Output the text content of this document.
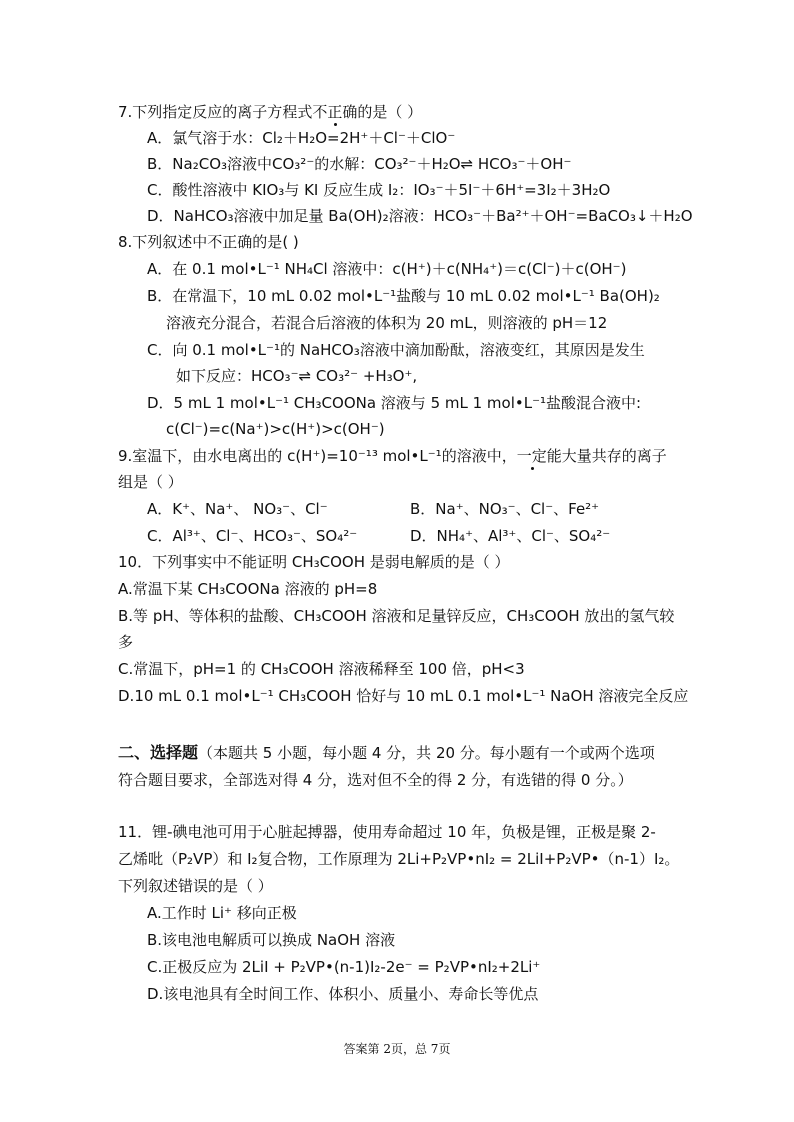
7.下列指定反应的离子方程式不正确的是（ ）
A．氯气溶于水：Cl₂＋H₂O=2H⁺＋Cl⁻＋ClO⁻
B．Na₂CO₃溶液中CO₃²⁻的水解：CO₃²⁻＋H₂O⇌ HCO₃⁻＋OH⁻
C．酸性溶液中 KIO₃与 KI 反应生成 I₂：IO₃⁻＋5I⁻＋6H⁺=3I₂＋3H₂O
D．NaHCO₃溶液中加足量 Ba(OH)₂溶液：HCO₃⁻＋Ba²⁺＋OH⁻=BaCO₃↓＋H₂O
8.下列叙述中不正确的是( )
A．在 0.1 mol•L⁻¹ NH₄Cl 溶液中：c(H⁺)＋c(NH₄⁺)＝c(Cl⁻)＋c(OH⁻)
B．在常温下，10 mL 0.02 mol•L⁻¹盐酸与 10 mL 0.02 mol•L⁻¹ Ba(OH)₂
溶液充分混合，若混合后溶液的体积为 20 mL，则溶液的 pH＝12
C．向 0.1 mol•L⁻¹的 NaHCO₃溶液中滴加酚酞，溶液变红，其原因是发生
如下反应：HCO₃⁻⇌ CO₃²⁻ +H₃O⁺,
D．5 mL 1 mol•L⁻¹ CH₃COONa 溶液与 5 mL 1 mol•L⁻¹盐酸混合液中:
c(Cl⁻)=c(Na⁺)>c(H⁺)>c(OH⁻)
9.室温下，由水电离出的 c(H⁺)=10⁻¹³ mol•L⁻¹的溶液中，一定能大量共存的离子
组是（ ）
A．K⁺、Na⁺、 NO₃⁻、Cl⁻	B．Na⁺、NO₃⁻、Cl⁻、Fe²⁺
C．Al³⁺、Cl⁻、HCO₃⁻、SO₄²⁻	D．NH₄⁺、Al³⁺、Cl⁻、SO₄²⁻
10．下列事实中不能证明 CH₃COOH 是弱电解质的是（ ）
A.常温下某 CH₃COONa 溶液的 pH=8
B.等 pH、等体积的盐酸、CH₃COOH 溶液和足量锌反应，CH₃COOH 放出的氢气较
多
C.常温下，pH=1 的 CH₃COOH 溶液稀释至 100 倍，pH<3
D.10 mL 0.1 mol•L⁻¹ CH₃COOH 恰好与 10 mL 0.1 mol•L⁻¹ NaOH 溶液完全反应
二、选择题（本题共 5 小题，每小题 4 分，共 20 分。每小题有一个或两个选项
符合题目要求，全部选对得 4 分，选对但不全的得 2 分，有选错的得 0 分。）
11．锂-碘电池可用于心脏起搏器，使用寿命超过 10 年，负极是锂，正极是聚 2-
乙烯吡（P₂VP）和 I₂复合物，工作原理为 2Li+P₂VP•nI₂ = 2LiI+P₂VP•（n-1）I₂。
下列叙述错误的是（ ）
A.工作时 Li⁺ 移向正极
B.该电池电解质可以换成 NaOH 溶液
C.正极反应为 2LiI + P₂VP•(n-1)I₂-2e⁻ = P₂VP•nI₂+2Li⁺
D.该电池具有全时间工作、体积小、质量小、寿命长等优点
答案第 2页，总 7页
